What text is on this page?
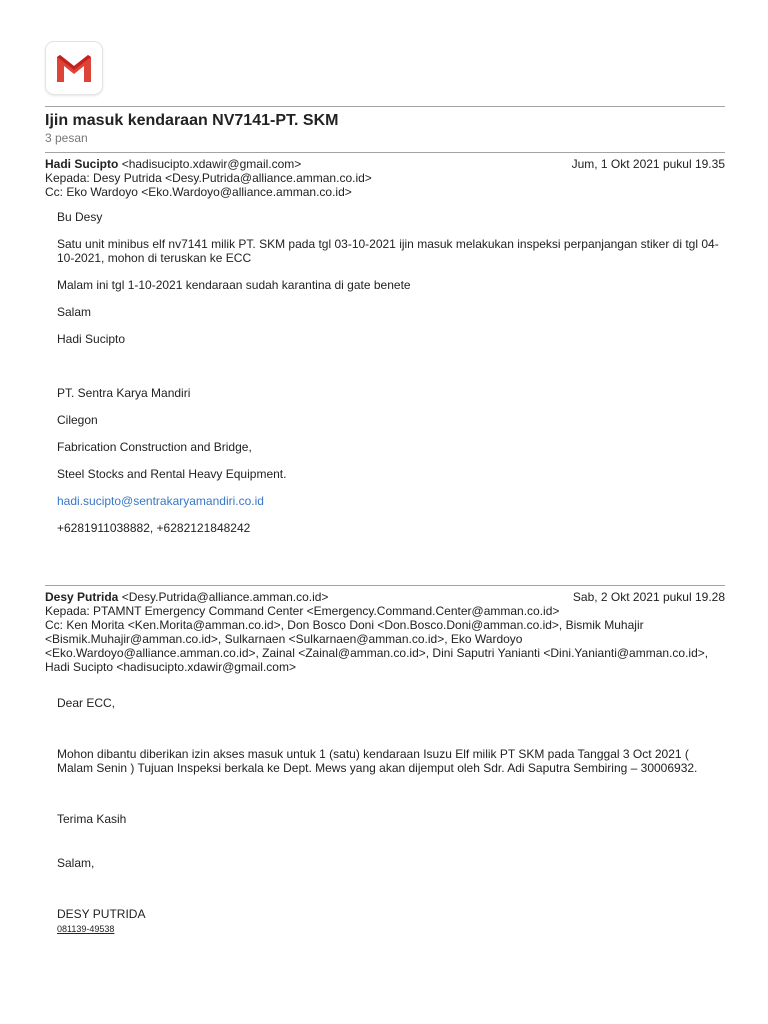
Ijin masuk kendaraan NV7141-PT. SKM
3 pesan
Hadi Sucipto <hadisucipto.xdawir@gmail.com>	Jum, 1 Okt 2021 pukul 19.35
Kepada: Desy Putrida <Desy.Putrida@alliance.amman.co.id>
Cc: Eko Wardoyo <Eko.Wardoyo@alliance.amman.co.id>

Bu Desy

Satu unit minibus elf nv7141 milik PT. SKM pada tgl 03-10-2021 ijin masuk melakukan inspeksi perpanjangan stiker di tgl 04-10-2021, mohon di teruskan ke ECC

Malam ini tgl 1-10-2021 kendaraan sudah karantina di gate benete

Salam

Hadi Sucipto

PT. Sentra Karya Mandiri

Cilegon

Fabrication Construction and Bridge,

Steel Stocks and Rental Heavy Equipment.

hadi.sucipto@sentrakaryamandiri.co.id

+6281911038882, +6282121848242

Desy Putrida <Desy.Putrida@alliance.amman.co.id>	Sab, 2 Okt 2021 pukul 19.28
Kepada: PTAMNT Emergency Command Center <Emergency.Command.Center@amman.co.id>
Cc: Ken Morita <Ken.Morita@amman.co.id>, Don Bosco Doni <Don.Bosco.Doni@amman.co.id>, Bismik Muhajir <Bismik.Muhajir@amman.co.id>, Sulkarnaen <Sulkarnaen@amman.co.id>, Eko Wardoyo <Eko.Wardoyo@alliance.amman.co.id>, Zainal <Zainal@amman.co.id>, Dini Saputri Yanianti <Dini.Yanianti@amman.co.id>, Hadi Sucipto <hadisucipto.xdawir@gmail.com>

Dear ECC,

Mohon dibantu diberikan izin akses masuk untuk 1 (satu) kendaraan Isuzu Elf milik PT SKM pada Tanggal 3 Oct 2021 ( Malam Senin ) Tujuan Inspeksi berkala ke Dept. Mews yang akan dijemput oleh Sdr. Adi Saputra Sembiring – 30006932.

Terima Kasih

Salam,

DESY PUTRIDA

081139-49538
